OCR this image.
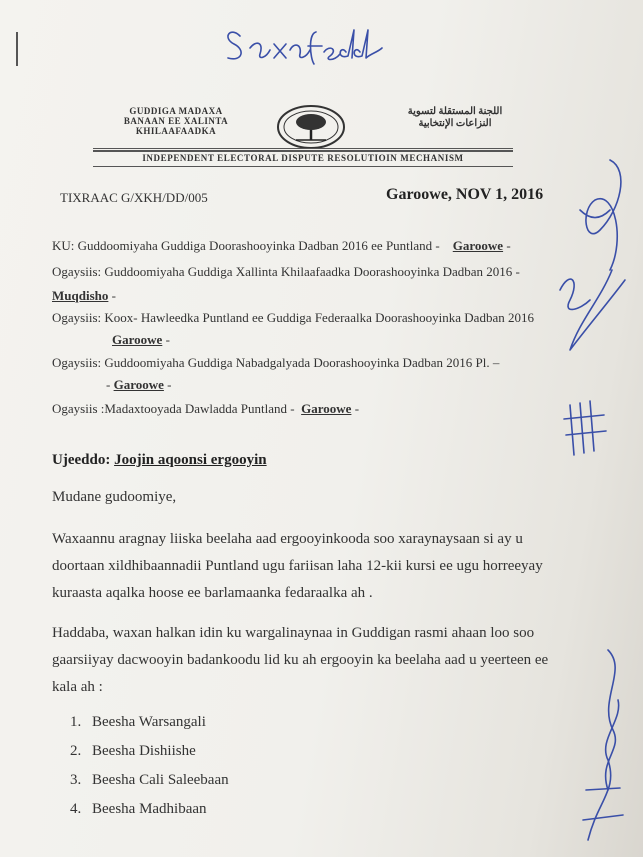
GUDDIGA MADAXA
BANAAN EE XALINTA
KHILAAFAADKA
اللجنة المستقلة لتسوية
النزاعات الإنتخابية
INDEPENDENT ELECTORAL DISPUTE RESOLUTIOIN MECHANISM
TIXRAAC G/XKH/DD/005	Garoowe, NOV 1, 2016
KU: Guddoomiyaha Guddiga Doorashooyinka Dadban 2016 ee Puntland - Garoowe -
Ogaysiis: Guddoomiyaha Guddiga Xallinta Khilaafaadka Doorashooyinka Dadban 2016 -
Muqdisho -
Ogaysiis: Koox- Hawleedka Puntland ee Guddiga Federaalka Doorashooyinka Dadban 2016
Garoowe -
Ogaysiis: Guddoomiyaha Guddiga Nabadgalyada Doorashooyinka Dadban 2016 Pl. –
- Garoowe -
Ogaysiis :Madaxtooyada Dawladda Puntland - Garoowe -
Ujeeddo: Joojin aqoonsi ergooyin
Mudane gudoomiye,
Waxaannu aragnay liiska beelaha aad ergooyinkooda soo xaraynaysaan si ay u doortaan xildhibaannadii Puntland ugu fariisan laha 12-kii kursi ee ugu horreeyay kuraasta aqalka hoose ee barlamaanka fedaraalka ah .
Haddaba, waxan halkan idin ku wargalinaynaa in Guddigan rasmi ahaan loo soo gaarsiiyay dacwooyin badankoodu lid ku ah ergooyin ka beelaha aad u yeerteen ee kala ah :
1. Beesha Warsangali
2. Beesha Dishiishe
3. Beesha Cali Saleebaan
4. Beesha Madhibaan
